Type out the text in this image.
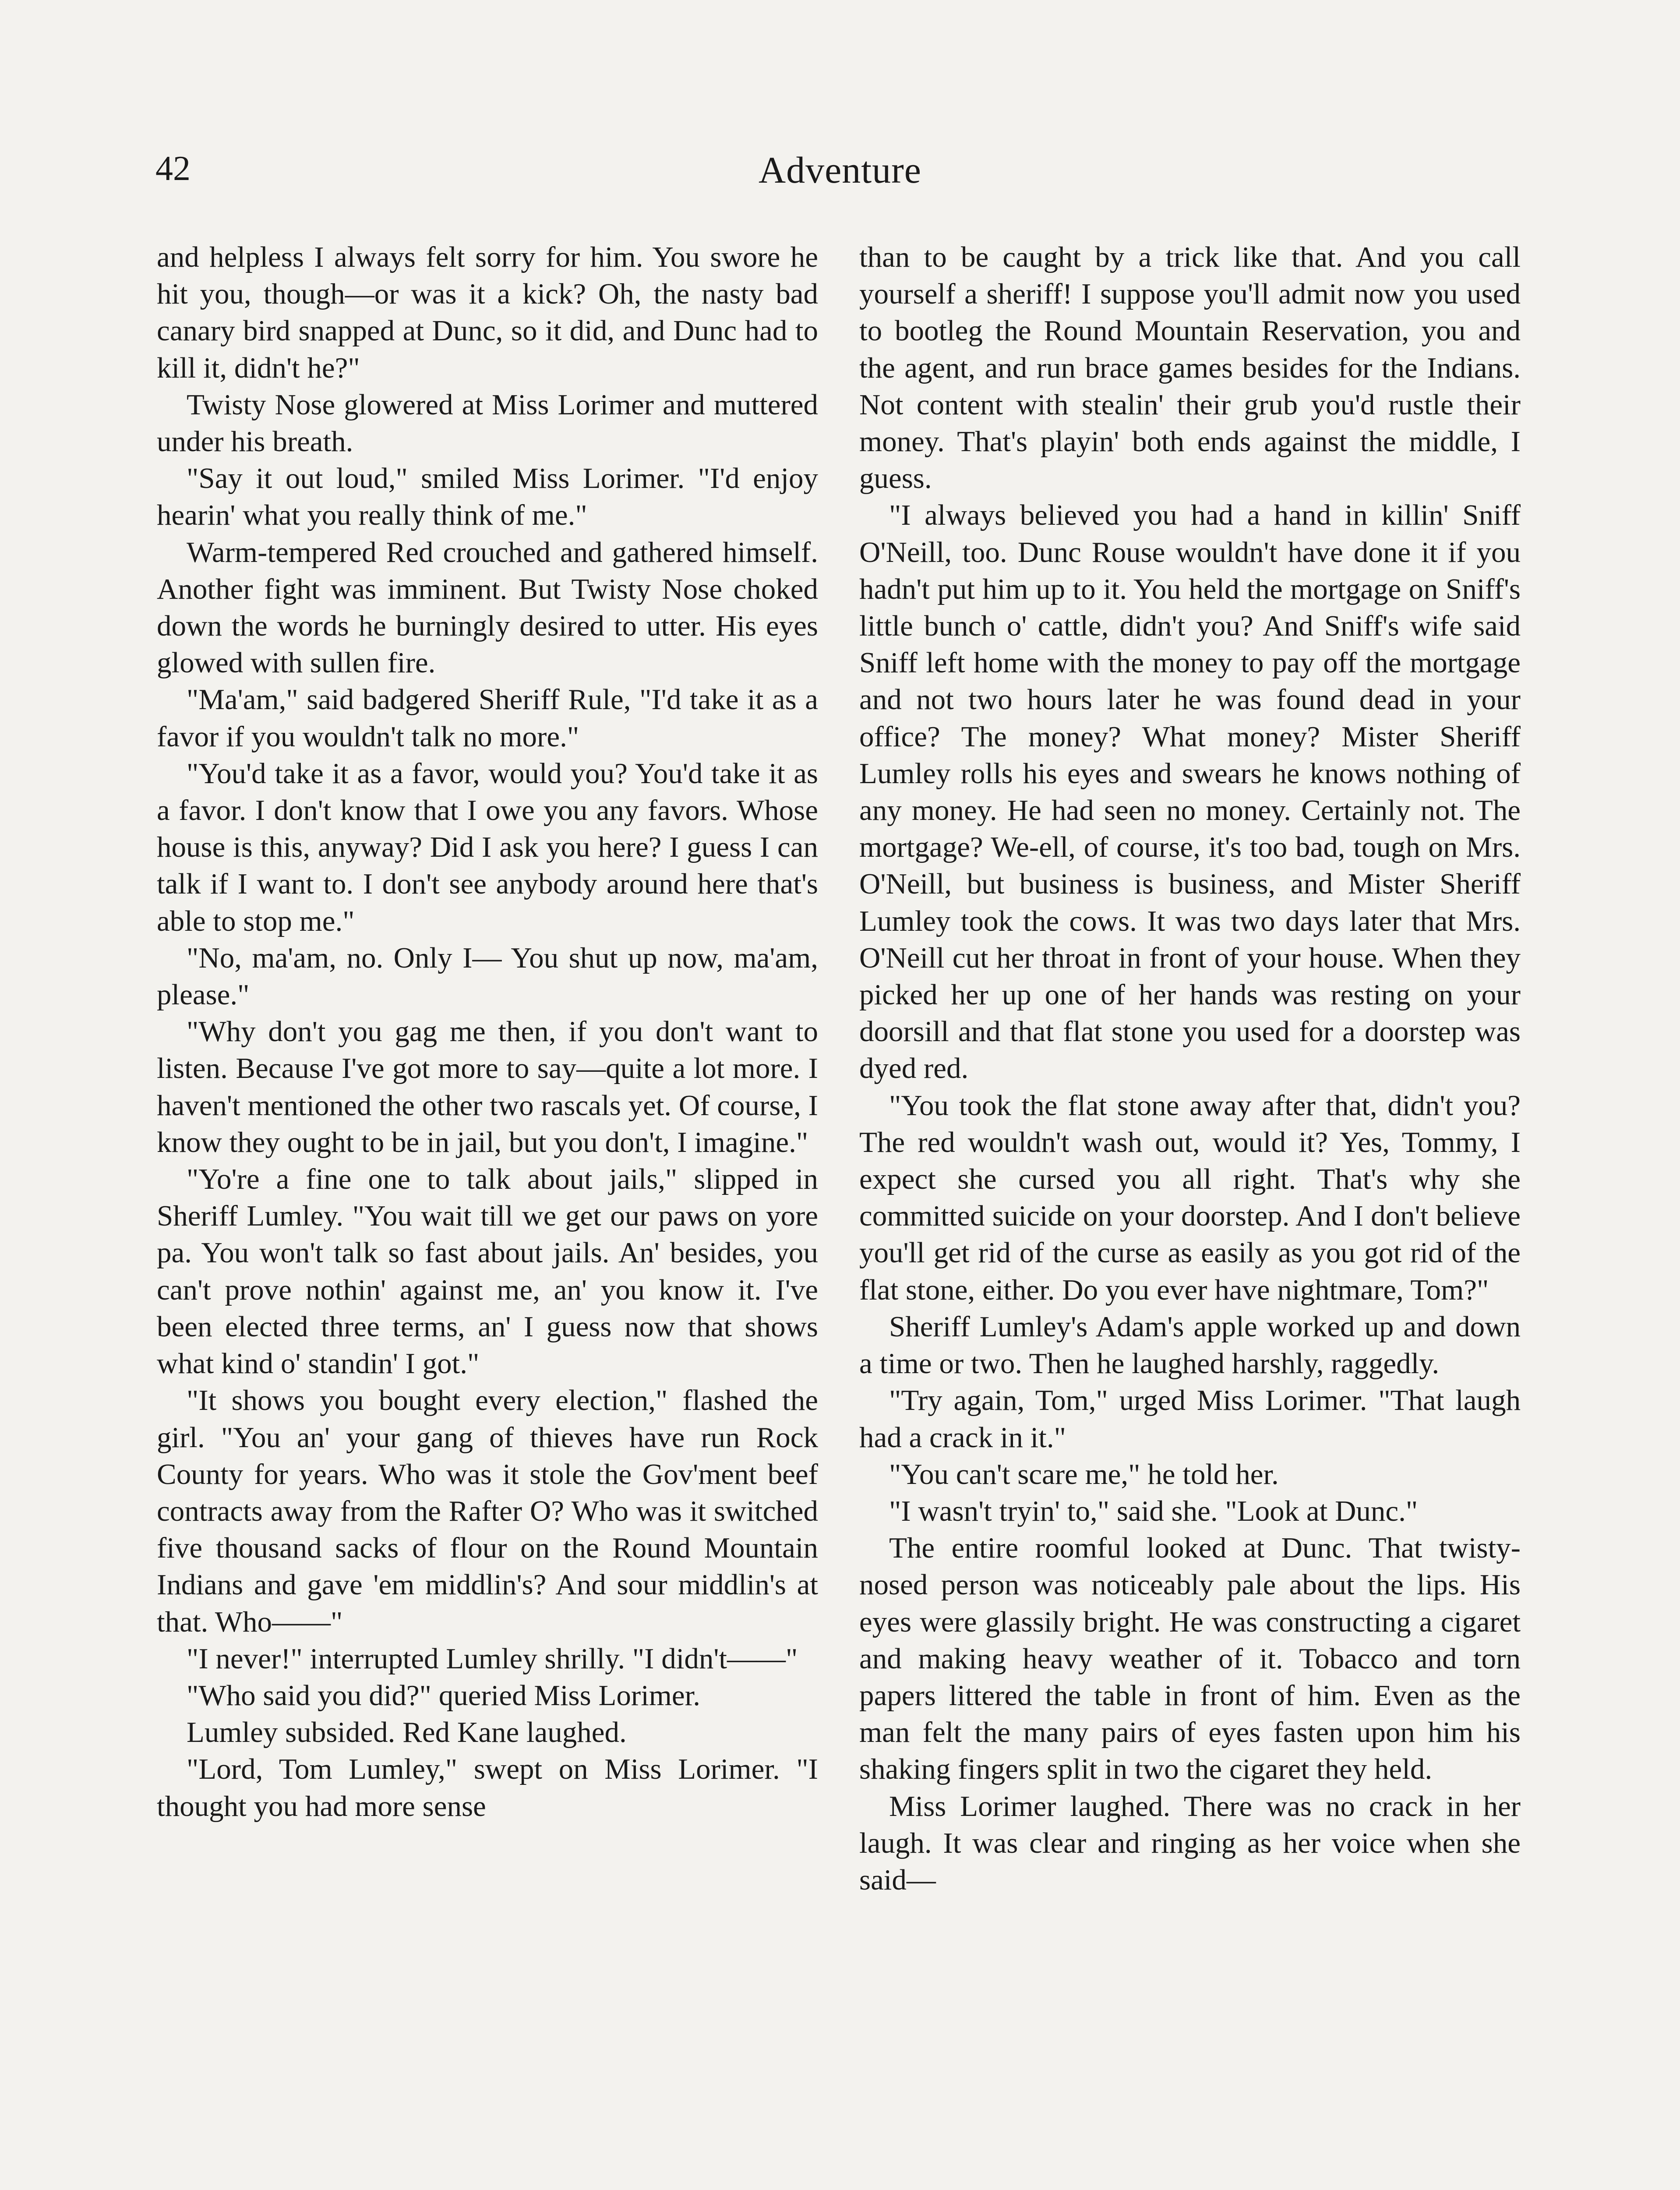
42	Adventure

and helpless I always felt sorry for him. You swore he hit you, though—or was it a kick? Oh, the nasty bad canary bird snapped at Dunc, so it did, and Dunc had to kill it, didn't he?"

Twisty Nose glowered at Miss Lorimer and muttered under his breath.

"Say it out loud," smiled Miss Lorimer. "I'd enjoy hearin' what you really think of me."

Warm-tempered Red crouched and gathered himself. Another fight was imminent. But Twisty Nose choked down the words he burningly desired to utter. His eyes glowed with sullen fire.

"Ma'am," said badgered Sheriff Rule, "I'd take it as a favor if you wouldn't talk no more."

"You'd take it as a favor, would you? You'd take it as a favor. I don't know that I owe you any favors. Whose house is this, anyway? Did I ask you here? I guess I can talk if I want to. I don't see anybody around here that's able to stop me."

"No, ma'am, no. Only I— You shut up now, ma'am, please."

"Why don't you gag me then, if you don't want to listen. Because I've got more to say—quite a lot more. I haven't mentioned the other two rascals yet. Of course, I know they ought to be in jail, but you don't, I imagine."

"Yo're a fine one to talk about jails," slipped in Sheriff Lumley. "You wait till we get our paws on yore pa. You won't talk so fast about jails. An' besides, you can't prove nothin' against me, an' you know it. I've been elected three terms, an' I guess now that shows what kind o' standin' I got."

"It shows you bought every election," flashed the girl. "You an' your gang of thieves have run Rock County for years. Who was it stole the Gov'ment beef contracts away from the Rafter O? Who was it switched five thousand sacks of flour on the Round Mountain Indians and gave 'em middlin's? And sour middlin's at that. Who——"

"I never!" interrupted Lumley shrilly. "I didn't——"

"Who said you did?" queried Miss Lorimer.

Lumley subsided. Red Kane laughed.

"Lord, Tom Lumley," swept on Miss Lorimer. "I thought you had more sense

than to be caught by a trick like that. And you call yourself a sheriff! I suppose you'll admit now you used to bootleg the Round Mountain Reservation, you and the agent, and run brace games besides for the Indians. Not content with stealin' their grub you'd rustle their money. That's playin' both ends against the middle, I guess.

"I always believed you had a hand in killin' Sniff O'Neill, too. Dunc Rouse wouldn't have done it if you hadn't put him up to it. You held the mortgage on Sniff's little bunch o' cattle, didn't you? And Sniff's wife said Sniff left home with the money to pay off the mortgage and not two hours later he was found dead in your office? The money? What money? Mister Sheriff Lumley rolls his eyes and swears he knows nothing of any money. He had seen no money. Certainly not. The mortgage? We-ell, of course, it's too bad, tough on Mrs. O'Neill, but business is business, and Mister Sheriff Lumley took the cows. It was two days later that Mrs. O'Neill cut her throat in front of your house. When they picked her up one of her hands was resting on your doorsill and that flat stone you used for a doorstep was dyed red.

"You took the flat stone away after that, didn't you? The red wouldn't wash out, would it? Yes, Tommy, I expect she cursed you all right. That's why she committed suicide on your doorstep. And I don't believe you'll get rid of the curse as easily as you got rid of the flat stone, either. Do you ever have nightmare, Tom?"

Sheriff Lumley's Adam's apple worked up and down a time or two. Then he laughed harshly, raggedly.

"Try again, Tom," urged Miss Lorimer. "That laugh had a crack in it."

"You can't scare me," he told her.

"I wasn't tryin' to," said she. "Look at Dunc."

The entire roomful looked at Dunc. That twisty-nosed person was noticeably pale about the lips. His eyes were glassily bright. He was constructing a cigaret and making heavy weather of it. Tobacco and torn papers littered the table in front of him. Even as the man felt the many pairs of eyes fasten upon him his shaking fingers split in two the cigaret they held.

Miss Lorimer laughed. There was no crack in her laugh. It was clear and ringing as her voice when she said—
